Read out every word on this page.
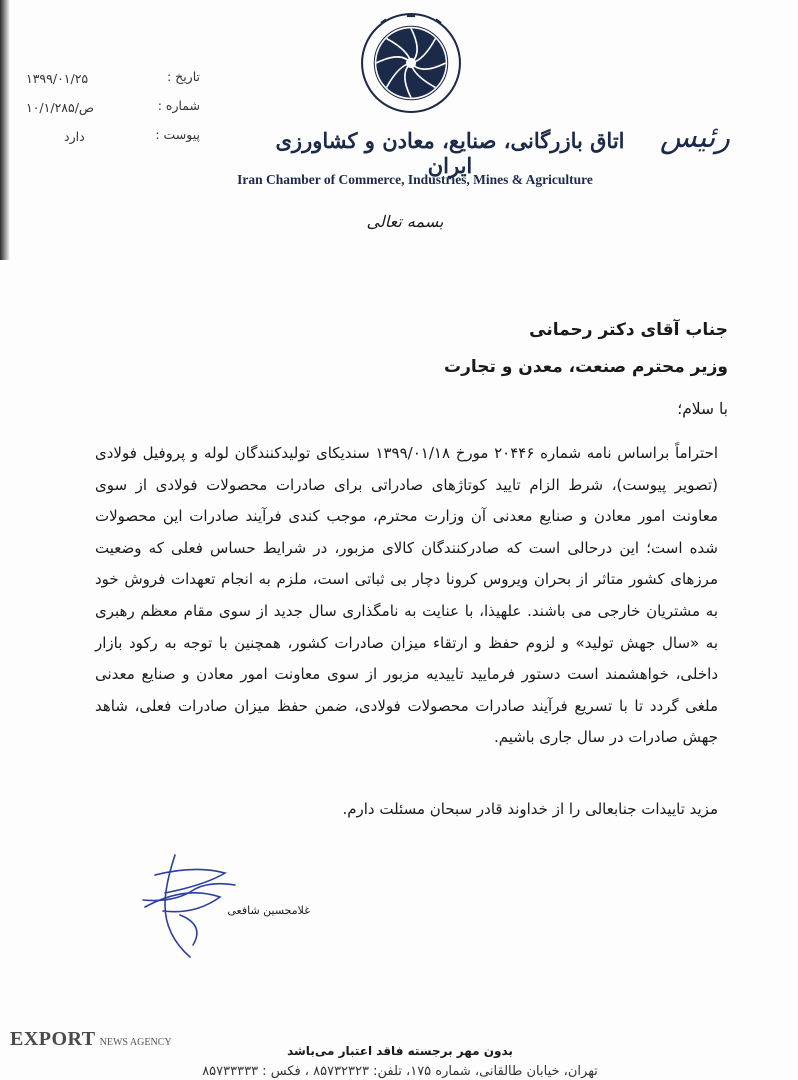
اتاق بازرگانی، صنایع، معادن و کشاورزی ایران
Iran Chamber of Commerce, Industries, Mines & Agriculture
رئیس
تاریخ :
شماره :
پیوست :
۱۳۹۹/۰۱/۲۵
۱۰/۱/۲۸۵/ص
دارد
بسمه تعالی
جناب آقای دکتر رحمانی
وزیر محترم صنعت، معدن و تجارت
با سلام؛
احتراماً براساس نامه شماره ۲۰۴۴۶ مورخ ۱۳۹۹/۰۱/۱۸ سندیکای تولیدکنندگان لوله و پروفیل فولادی (تصویر پیوست)، شرط الزام تایید کوتاژهای صادراتی برای صادرات محصولات فولادی از سوی معاونت امور معادن و صنایع معدنی آن وزارت محترم، موجب کندی فرآیند صادرات این محصولات شده است؛ این درحالی است که صادرکنندگان کالای مزبور، در شرایط حساس فعلی که وضعیت مرزهای کشور متاثر از بحران ویروس کرونا دچار بی ثباتی است، ملزم به انجام تعهدات فروش خود به مشتریان خارجی می باشند. علهیذا، با عنایت به نامگذاری سال جدید از سوی مقام معظم رهبری به «سال جهش تولید» و لزوم حفظ و ارتقاء میزان صادرات کشور، همچنین با توجه به رکود بازار داخلی، خواهشمند است دستور فرمایید تاییدیه مزبور از سوی معاونت امور معادن و صنایع معدنی ملغی گردد تا با تسریع فرآیند صادرات محصولات فولادی، ضمن حفظ میزان صادرات فعلی، شاهد جهش صادرات در سال جاری باشیم.
مزید تاییدات جنابعالی را از خداوند قادر سبحان مسئلت دارم.
غلامحسین شافعی
EXPORT NEWS AGENCY
بدون مهر برجسته فاقد اعتبار می‌باشد
تهران، خیابان طالقانی، شماره ۱۷۵، تلفن: ۸۵۷۳۲۳۲۳ ، فکس : ۸۵۷۳۳۳۳۳
